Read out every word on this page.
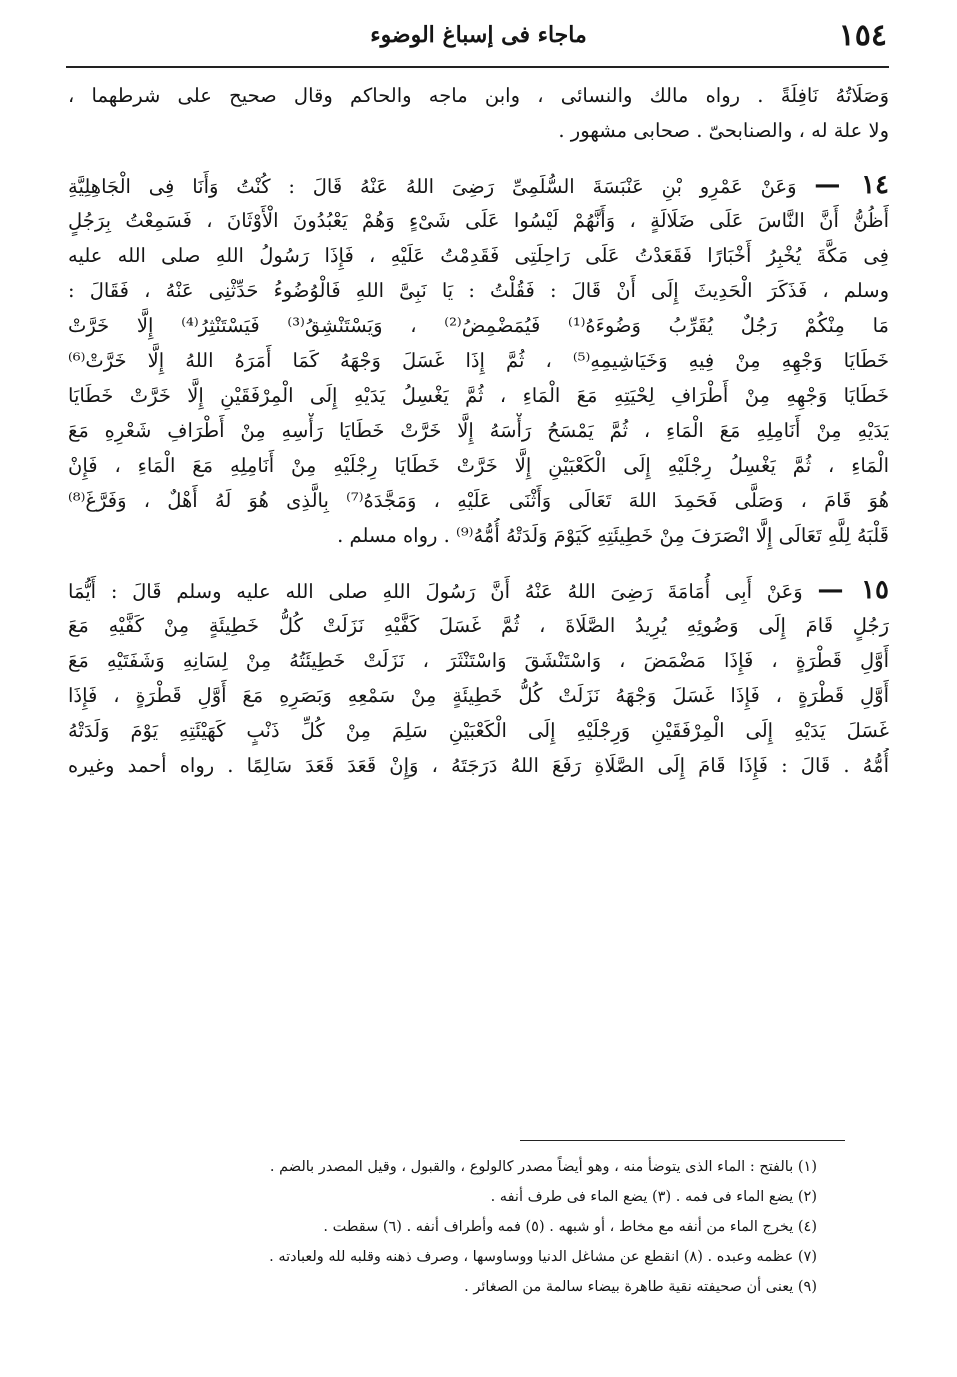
١٥٤
ماجاء فى إسباغ الوضوء
وَصَلَاتُهُ نَافِلَةً . رواه مالك والنسائى ، وابن ماجه والحاكم وقال صحيح على شرطهما ،
ولا علة له ، والصنابحىّ . صحابى مشهور .
١٤ — وَعَنْ عَمْرِو بْنِ عَنْبَسَةَ السُّلَمِىِّ رَضِىَ اللهُ عَنْهُ قَالَ : كُنْتُ وَأَنَا فِى الْجَاهِلِيَّةِ
أَظُنُّ أَنَّ النَّاسَ عَلَى ضَلَالَةٍ ، وَأَنَّهُمْ لَيْسُوا عَلَى شَىْءٍ وَهُمْ يَعْبُدُونَ الْأَوْثَانَ ، فَسَمِعْتُ بِرَجُلٍ
فِى مَكَّةَ يُخْبِرُ أَخْبَارًا فَقَعَدْتُ عَلَى رَاحِلَتِى فَقَدِمْتُ عَلَيْهِ ، فَإِذَا رَسُولُ اللهِ صلى الله عليه
وسلم ، فَذَكَرَ الْحَدِيثَ إِلَى أَنْ قَالَ : فَقُلْتُ : يَا نَبِىَّ اللهِ فَالْوُضُوءُ حَدِّثْنِى عَنْهُ ، فَقَالَ :
مَا مِنْكُمْ رَجُلٌ يُقَرِّبُ وَضُوءَهُ⁽¹⁾ فَيُمَضْمِضُ⁽²⁾ ، وَيَسْتَنْشِقُ⁽³⁾ فَيَسْتَنْثِرُ⁽⁴⁾ إِلَّا خَرَّتْ
خَطَايَا وَجْهِهِ مِنْ فِيهِ وَخَيَاشِيمِهِ⁽⁵⁾ ، ثُمَّ إِذَا غَسَلَ وَجْهَهُ كَمَا أَمَرَهُ اللهُ إِلَّا خَرَّتْ⁽⁶⁾
خَطَايَا وَجْهِهِ مِنْ أَطْرَافِ لِحْيَتِهِ مَعَ الْمَاءِ ، ثُمَّ يَغْسِلُ يَدَيْهِ إِلَى الْمِرْفَقَيْنِ إِلَّا خَرَّتْ خَطَايَا
يَدَيْهِ مِنْ أَنَامِلِهِ مَعَ الْمَاءِ ، ثُمَّ يَمْسَحُ رَأْسَهُ إِلَّا خَرَّتْ خَطَايَا رَأْسِهِ مِنْ أَطْرَافِ شَعْرِهِ مَعَ
الْمَاءِ ، ثُمَّ يَغْسِلُ رِجْلَيْهِ إِلَى الْكَعْبَيْنِ إِلَّا خَرَّتْ خَطَايَا رِجْلَيْهِ مِنْ أَنَامِلِهِ مَعَ الْمَاءِ ، فَإِنْ
هُوَ قَامَ ، وَصَلَّى فَحَمِدَ اللهَ تَعَالَى وَأَثْنَى عَلَيْهِ ، وَمَجَّدَهُ⁽⁷⁾ بِالَّذِى هُوَ لَهُ أَهْلٌ ، وَفَرَّغَ⁽⁸⁾
قَلْبَهُ لِلَّهِ تَعَالَى إِلَّا انْصَرَفَ مِنْ خَطِيئَتِهِ كَيَوْمَ وَلَدَتْهُ أُمُّهُ⁽⁹⁾ . رواه مسلم .
١٥ — وَعَنْ أَبِى أُمَامَةَ رَضِىَ اللهُ عَنْهُ أَنَّ رَسُولَ اللهِ صلى الله عليه وسلم قَالَ : أَيُّمَا
رَجُلٍ قَامَ إِلَى وَضُوئِهِ يُرِيدُ الصَّلَاةَ ، ثُمَّ غَسَلَ كَفَّيْهِ نَزَلَتْ كُلُّ خَطِيئَةٍ مِنْ كَفَّيْهِ مَعَ
أَوَّلِ قَطْرَةٍ ، فَإِذَا مَضْمَضَ ، وَاسْتَنْشَقَ وَاسْتَنْثَرَ ، نَزَلَتْ خَطِيئَتُهُ مِنْ لِسَانِهِ وَشَفَتَيْهِ مَعَ
أَوَّلِ قَطْرَةٍ ، فَإِذَا غَسَلَ وَجْهَهُ نَزَلَتْ كُلُّ خَطِيئَةٍ مِنْ سَمْعِهِ وَبَصَرِهِ مَعَ أَوَّلِ قَطْرَةٍ ، فَإِذَا
غَسَلَ يَدَيْهِ إِلَى الْمِرْفَقَيْنِ وَرِجْلَيْهِ إِلَى الْكَعْبَيْنِ سَلِمَ مِنْ كُلِّ ذَنْبٍ كَهَيْئَتِهِ يَوْمَ وَلَدَتْهُ
أُمُّهُ . قَالَ : فَإِذَا قَامَ إِلَى الصَّلَاةِ رَفَعَ اللهُ دَرَجَتَهُ ، وَإِنْ قَعَدَ قَعَدَ سَالِمًا . رواه أحمد وغيره
(١) بالفتح : الماء الذى يتوضأ منه ، وهو أيضاً مصدر كالولوع ، والقبول ، وقيل المصدر بالضم .
(٢) يضع الماء فى فمه . (٣) يضع الماء فى طرف أنفه .
(٤) يخرج الماء من أنفه مع مخاط ، أو شبهه . (٥) فمه وأطراف أنفه . (٦) سقطت .
(٧) عظمه وعبده . (٨) انقطع عن مشاغل الدنيا ووساوسها ، وصرف ذهنه وقلبه لله ولعبادته .
(٩) يعنى أن صحيفته نقية طاهرة بيضاء سالمة من الصغائر .
